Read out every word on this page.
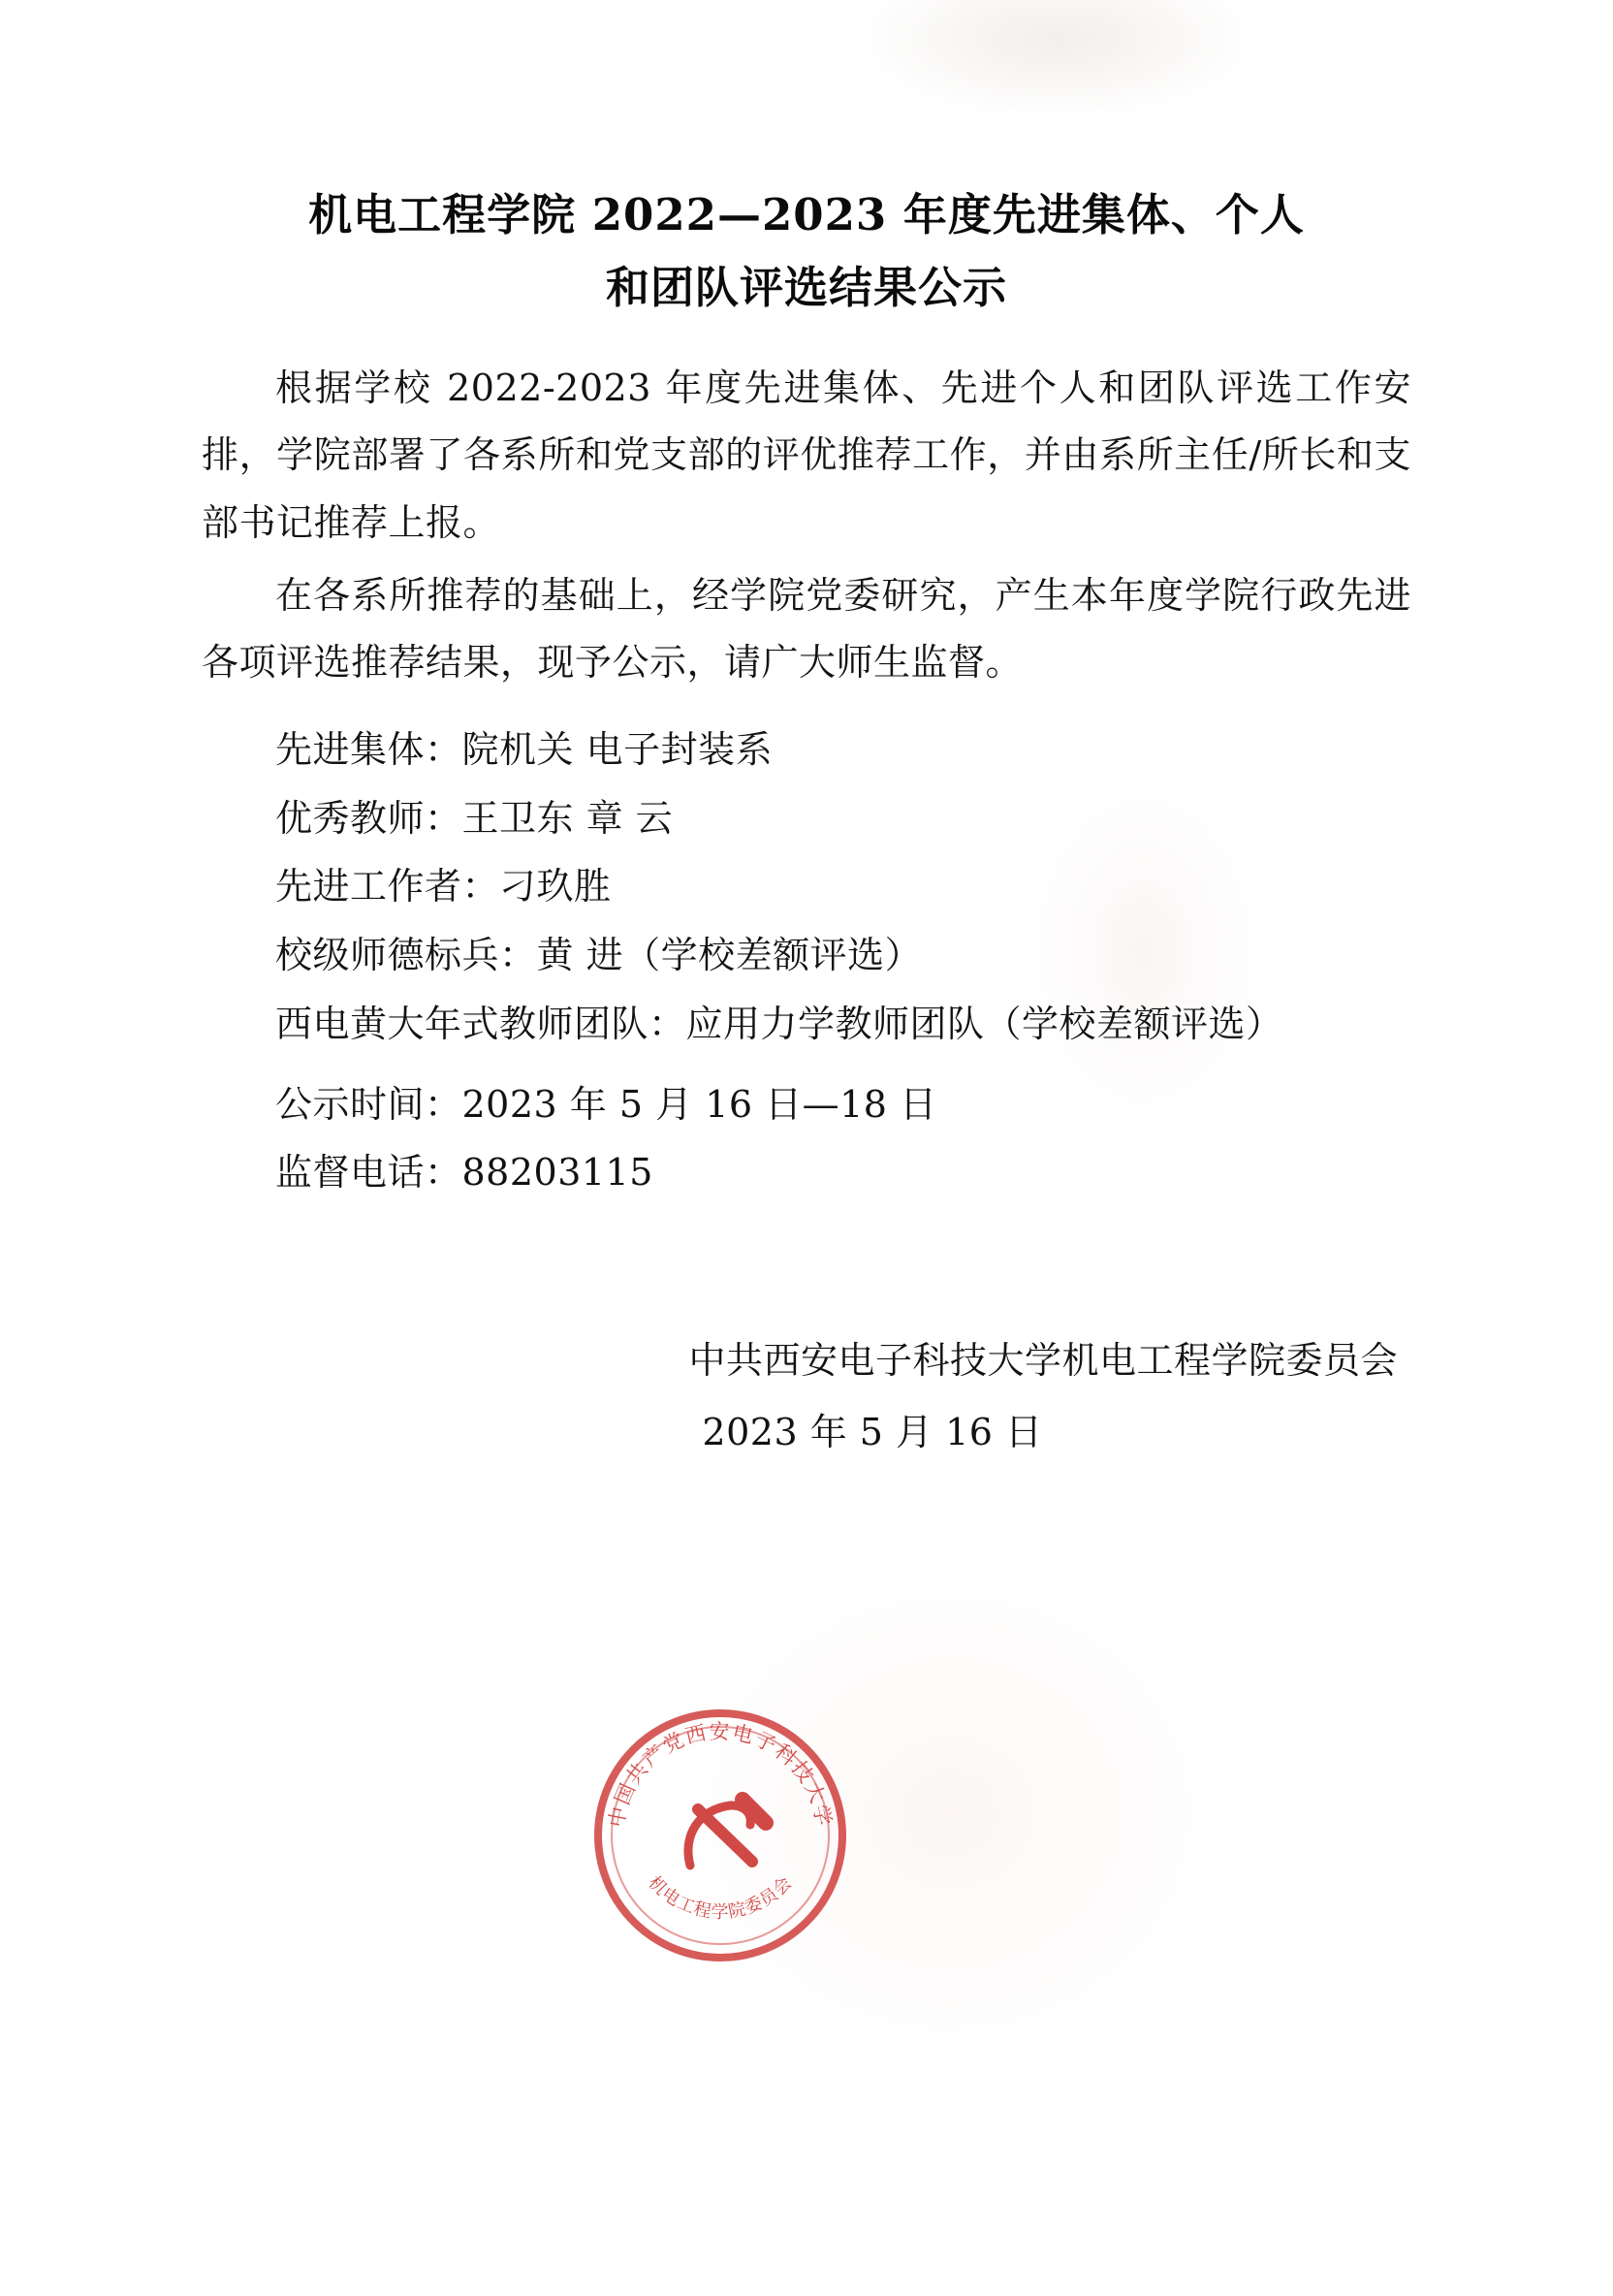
机电工程学院 2022—2023 年度先进集体、个人
和团队评选结果公示

根据学校 2022-2023 年度先进集体、先进个人和团队评选工作安排，学院部署了各系所和党支部的评优推荐工作，并由系所主任/所长和支部书记推荐上报。

在各系所推荐的基础上，经学院党委研究，产生本年度学院行政先进各项评选推荐结果，现予公示，请广大师生监督。

先进集体：院机关 电子封装系

优秀教师：王卫东 章 云

先进工作者：刁玖胜

校级师德标兵：黄 进（学校差额评选）

西电黄大年式教师团队：应用力学教师团队（学校差额评选）

公示时间：2023 年 5 月 16 日—18 日
监督电话：88203115
中共西安电子科技大学机电工程学院委员会
2023 年 5 月 16 日
中国共产党西安电子科技大学
机电工程学院委员会
